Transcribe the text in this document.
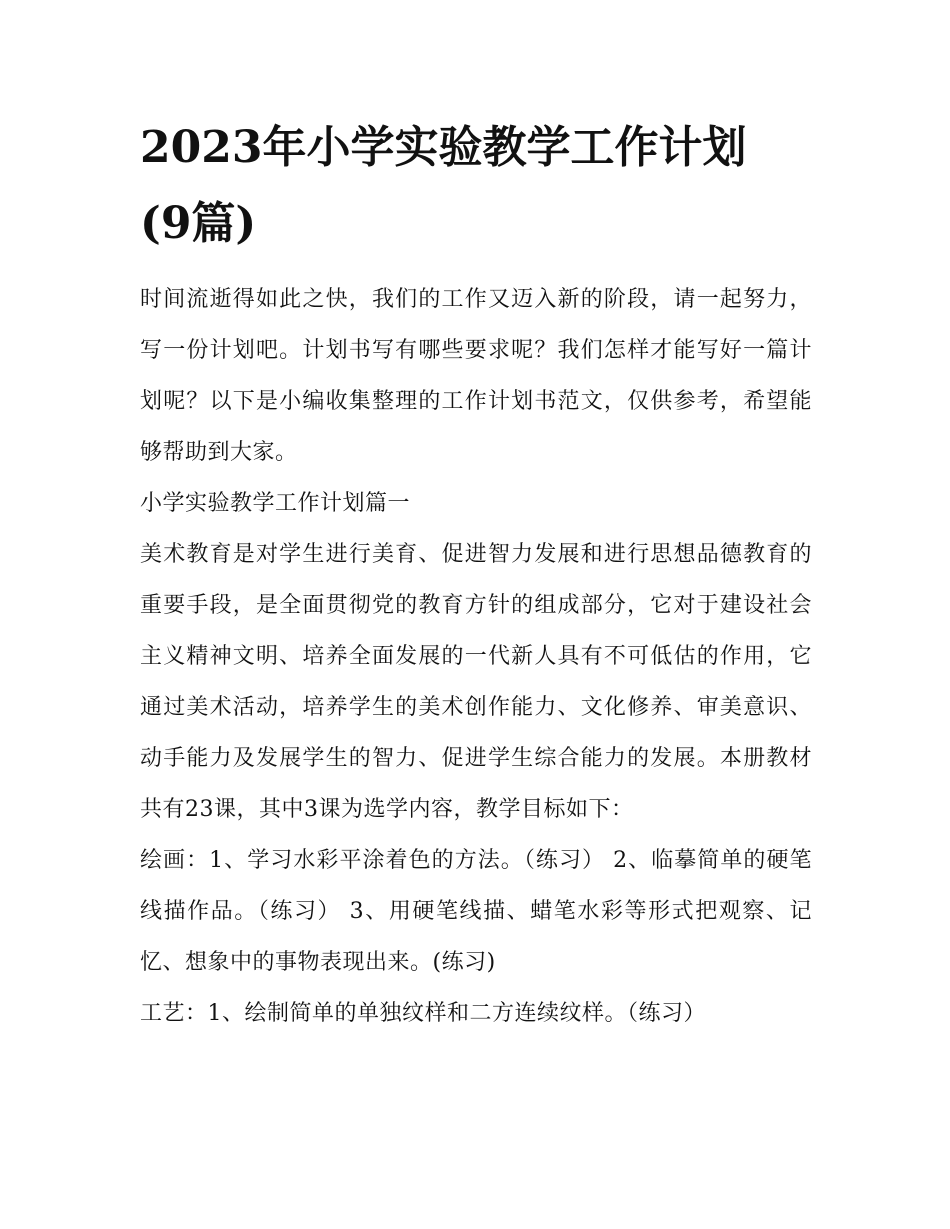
2023年小学实验教学工作计划
(9篇)

时间流逝得如此之快，我们的工作又迈入新的阶段，请一起努力，写一份计划吧。计划书写有哪些要求呢？我们怎样才能写好一篇计划呢？以下是小编收集整理的工作计划书范文，仅供参考，希望能够帮助到大家。

小学实验教学工作计划篇一

美术教育是对学生进行美育、促进智力发展和进行思想品德教育的重要手段，是全面贯彻党的教育方针的组成部分，它对于建设社会主义精神文明、培养全面发展的一代新人具有不可低估的作用，它通过美术活动，培养学生的美术创作能力、文化修养、审美意识、动手能力及发展学生的智力、促进学生综合能力的发展。本册教材共有23课，其中3课为选学内容，教学目标如下：

绘画：1、学习水彩平涂着色的方法。（练习） 2、临摹简单的硬笔线描作品。（练习） 3、用硬笔线描、蜡笔水彩等形式把观察、记忆、想象中的事物表现出来。(练习)

工艺：1、绘制简单的单独纹样和二方连续纹样。（练习）
